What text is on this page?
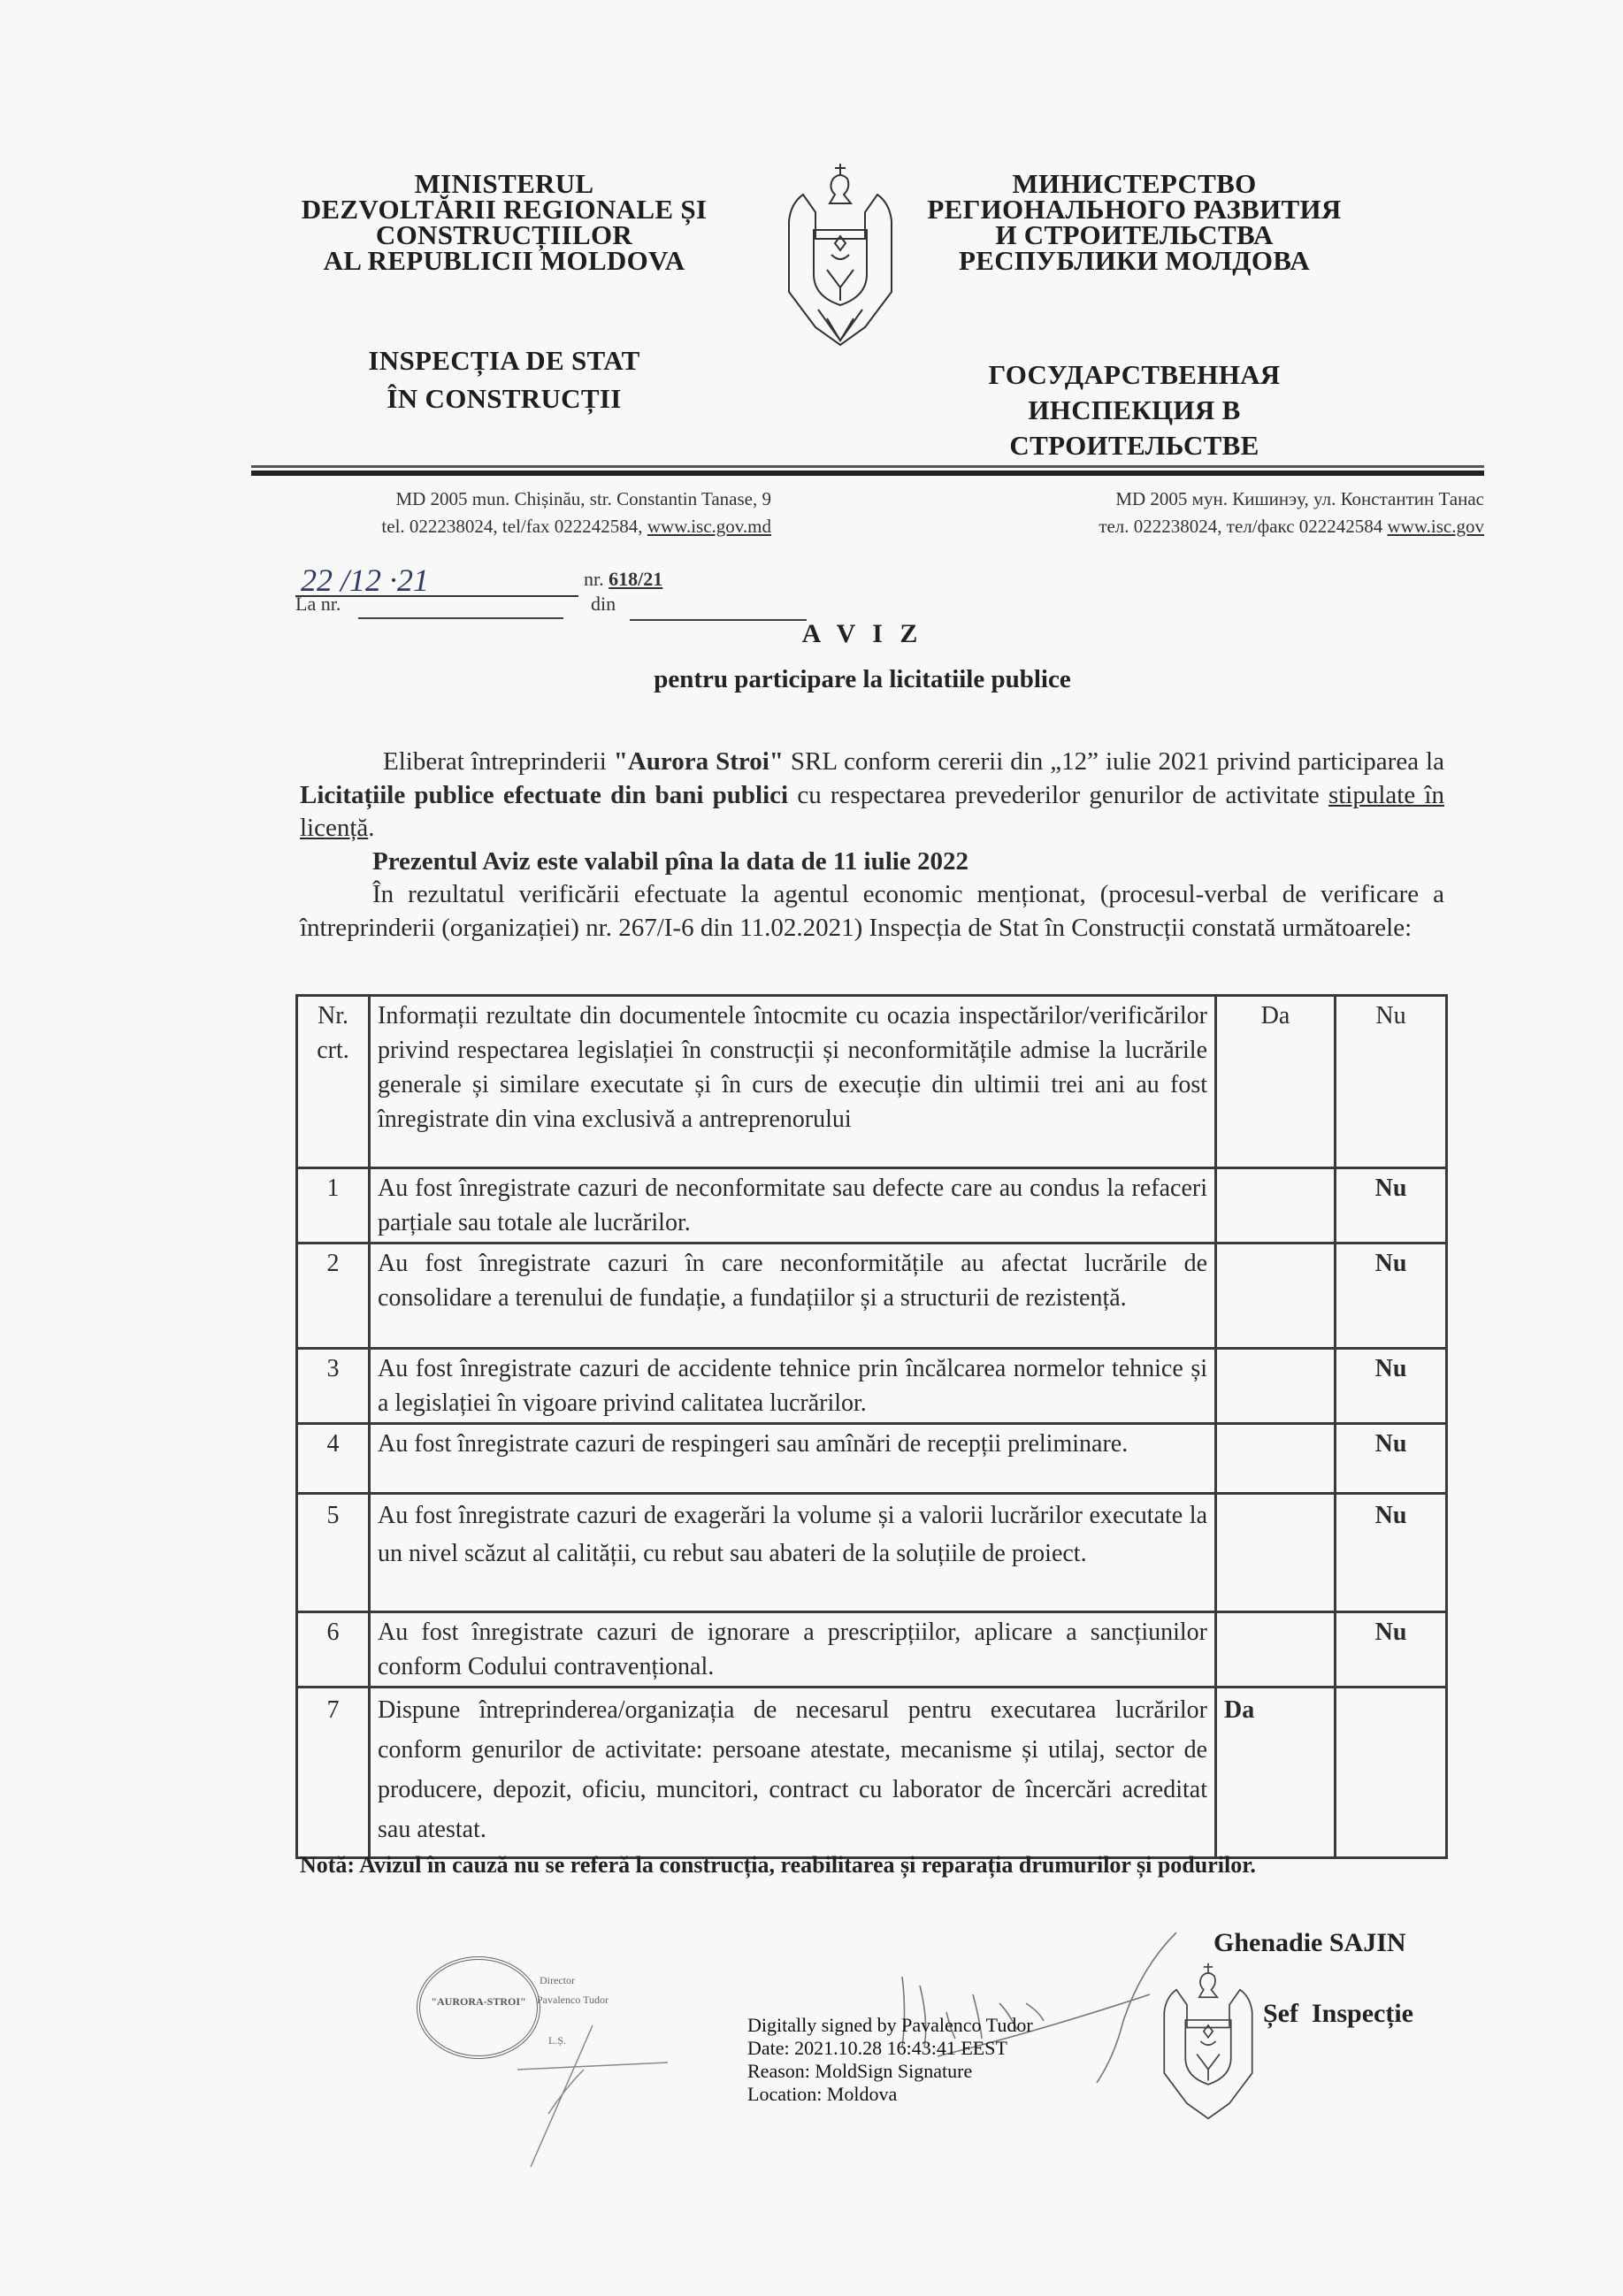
MINISTERUL
DEZVOLTĂRII REGIONALE ȘI
CONSTRUCȚIILOR
AL REPUBLICII MOLDOVA
INSPECȚIA DE STAT
ÎN CONSTRUCȚII
МИНИСТЕРСТВО
РЕГИОНАЛЬНОГО РАЗВИТИЯ
И СТРОИТЕЛЬСТВА
РЕСПУБЛИКИ МОЛДОВА
ГОСУДАРСТВЕННАЯ
ИНСПЕКЦИЯ В
СТРОИТЕЛЬСТВЕ
MD 2005 mun. Chișinău, str. Constantin Tanase, 9
tel. 022238024, tel/fax 022242584, www.isc.gov.md
MD 2005 мун. Кишинэу, ул. Константин Танас
тел. 022238024, тел/факс 022242584 www.isc.gov
22 /12 ·21	nr. 618/21
La nr.	din
A V I Z
pentru participare la licitatiile publice
Eliberat întreprinderii "Aurora Stroi" SRL conform cererii din „12” iulie 2021 privind participarea la Licitațiile publice efectuate din bani publici cu respectarea prevederilor genurilor de activitate stipulate în licență.
Prezentul Aviz este valabil pîna la data de 11 iulie 2022
În rezultatul verificării efectuate la agentul economic menționat, (procesul-verbal de verificare a întreprinderii (organizației) nr. 267/I-6 din 11.02.2021) Inspecția de Stat în Construcții constată următoarele:
Nr. crt.	Informații rezultate din documentele întocmite cu ocazia inspectărilor/verificărilor privind respectarea legislației în construcții și neconformitățile admise la lucrările generale și similare executate și în curs de execuție din ultimii trei ani au fost înregistrate din vina exclusivă a antreprenorului	Da	Nu
1	Au fost înregistrate cazuri de neconformitate sau defecte care au condus la refaceri parțiale sau totale ale lucrărilor.		Nu
2	Au fost înregistrate cazuri în care neconformitățile au afectat lucrările de consolidare a terenului de fundație, a fundațiilor și a structurii de rezistență.		Nu
3	Au fost înregistrate cazuri de accidente tehnice prin încălcarea normelor tehnice și a legislației în vigoare privind calitatea lucrărilor.		Nu
4	Au fost înregistrate cazuri de respingeri sau amînări de recepții preliminare.		Nu
5	Au fost înregistrate cazuri de exagerări la volume și a valorii lucrărilor executate la un nivel scăzut al calității, cu rebut sau abateri de la soluțiile de proiect.		Nu
6	Au fost înregistrate cazuri de ignorare a prescripțiilor, aplicare a sancțiunilor conform Codului contravențional.		Nu
7	Dispune întreprinderea/organizația de necesarul pentru executarea lucrărilor conform genurilor de activitate: persoane atestate, mecanisme și utilaj, sector de producere, depozit, oficiu, muncitori, contract cu laborator de încercări acreditat sau atestat.	Da	
Notă: Avizul în cauză nu se referă la construcția, reabilitarea și reparația drumurilor și podurilor.
"AURORA-STROI"
Director
Pavalenco Tudor
L.Ș.
Digitally signed by Pavalenco Tudor
Date: 2021.10.28 16:43:41 EEST
Reason: MoldSign Signature
Location: Moldova
Ghenadie SAJIN
Șef  Inspecție
